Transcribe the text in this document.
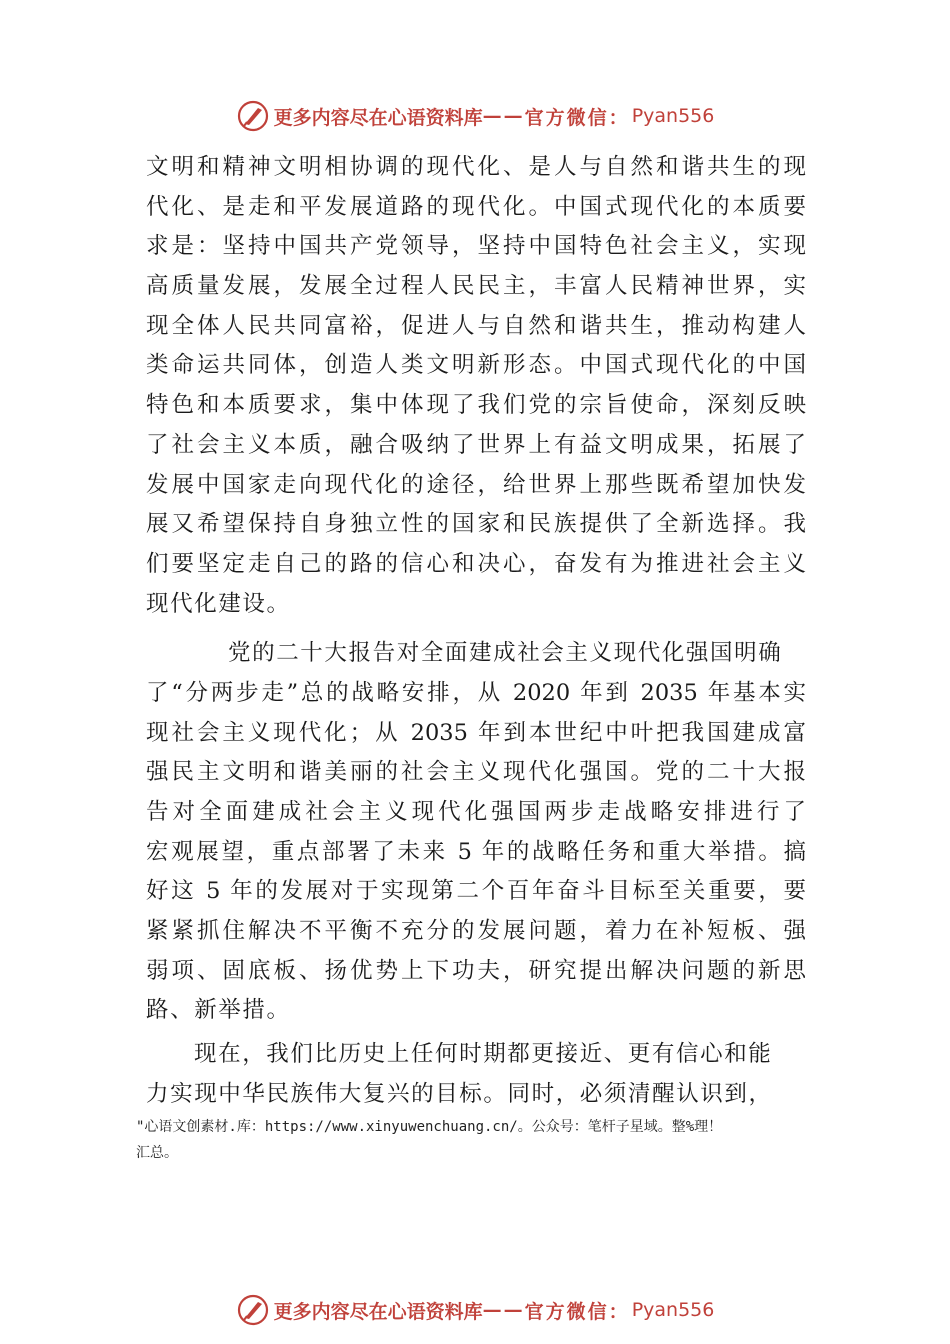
更多内容尽在心语资料库 —— 官方微信： Pyan556
文明和精神文明相协调的现代化、是人与自然和谐共生的现
代化、是走和平发展道路的现代化。中国式现代化的本质要
求是：坚持中国共产党领导，坚持中国特色社会主义，实现
高质量发展，发展全过程人民民主，丰富人民精神世界，实
现全体人民共同富裕，促进人与自然和谐共生，推动构建人
类命运共同体，创造人类文明新形态。中国式现代化的中国
特色和本质要求，集中体现了我们党的宗旨使命，深刻反映
了社会主义本质，融合吸纳了世界上有益文明成果，拓展了
发展中国家走向现代化的途径，给世界上那些既希望加快发
展又希望保持自身独立性的国家和民族提供了全新选择。我
们要坚定走自己的路的信心和决心，奋发有为推进社会主义
现代化建设。
党的二十大报告对全面建成社会主义现代化强国明确
了“分两步走”总的战略安排，从 2020 年到 2035 年基本实
现社会主义现代化；从 2035 年到本世纪中叶把我国建成富
强民主文明和谐美丽的社会主义现代化强国。党的二十大报
告对全面建成社会主义现代化强国两步走战略安排进行了
宏观展望，重点部署了未来 5 年的战略任务和重大举措。搞
好这 5 年的发展对于实现第二个百年奋斗目标至关重要，要
紧紧抓住解决不平衡不充分的发展问题，着力在补短板、强
弱项、固底板、扬优势上下功夫，研究提出解决问题的新思
路、新举措。
现在，我们比历史上任何时期都更接近、更有信心和能
力实现中华民族伟大复兴的目标。同时，必须清醒认识到，
"心语文创素材.库：https://www.xinyuwenchuang.cn/。公众号：笔杆子星域。整%理！
汇总。
更多内容尽在心语资料库 —— 官方微信： Pyan556
